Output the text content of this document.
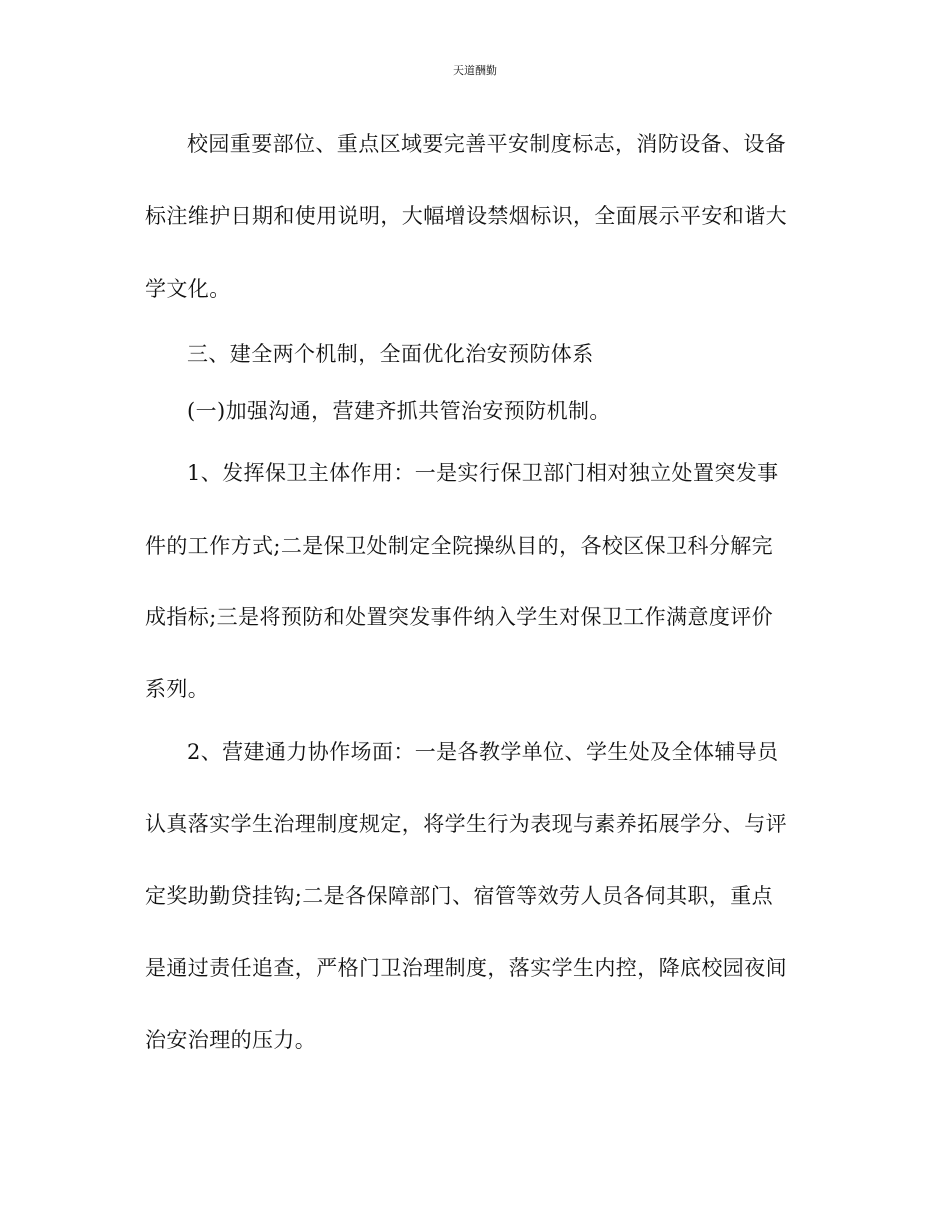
天道酬勤
校园重要部位、重点区域要完善平安制度标志，消防设备、设备
标注维护日期和使用说明，大幅增设禁烟标识，全面展示平安和谐大
学文化。
三、建全两个机制，全面优化治安预防体系
(一)加强沟通，营建齐抓共管治安预防机制。
1、发挥保卫主体作用：一是实行保卫部门相对独立处置突发事
件的工作方式;二是保卫处制定全院操纵目的，各校区保卫科分解完
成指标;三是将预防和处置突发事件纳入学生对保卫工作满意度评价
系列。
2、营建通力协作场面：一是各教学单位、学生处及全体辅导员
认真落实学生治理制度规定，将学生行为表现与素养拓展学分、与评
定奖助勤贷挂钩;二是各保障部门、宿管等效劳人员各伺其职，重点
是通过责任追查，严格门卫治理制度，落实学生内控，降底校园夜间
治安治理的压力。
